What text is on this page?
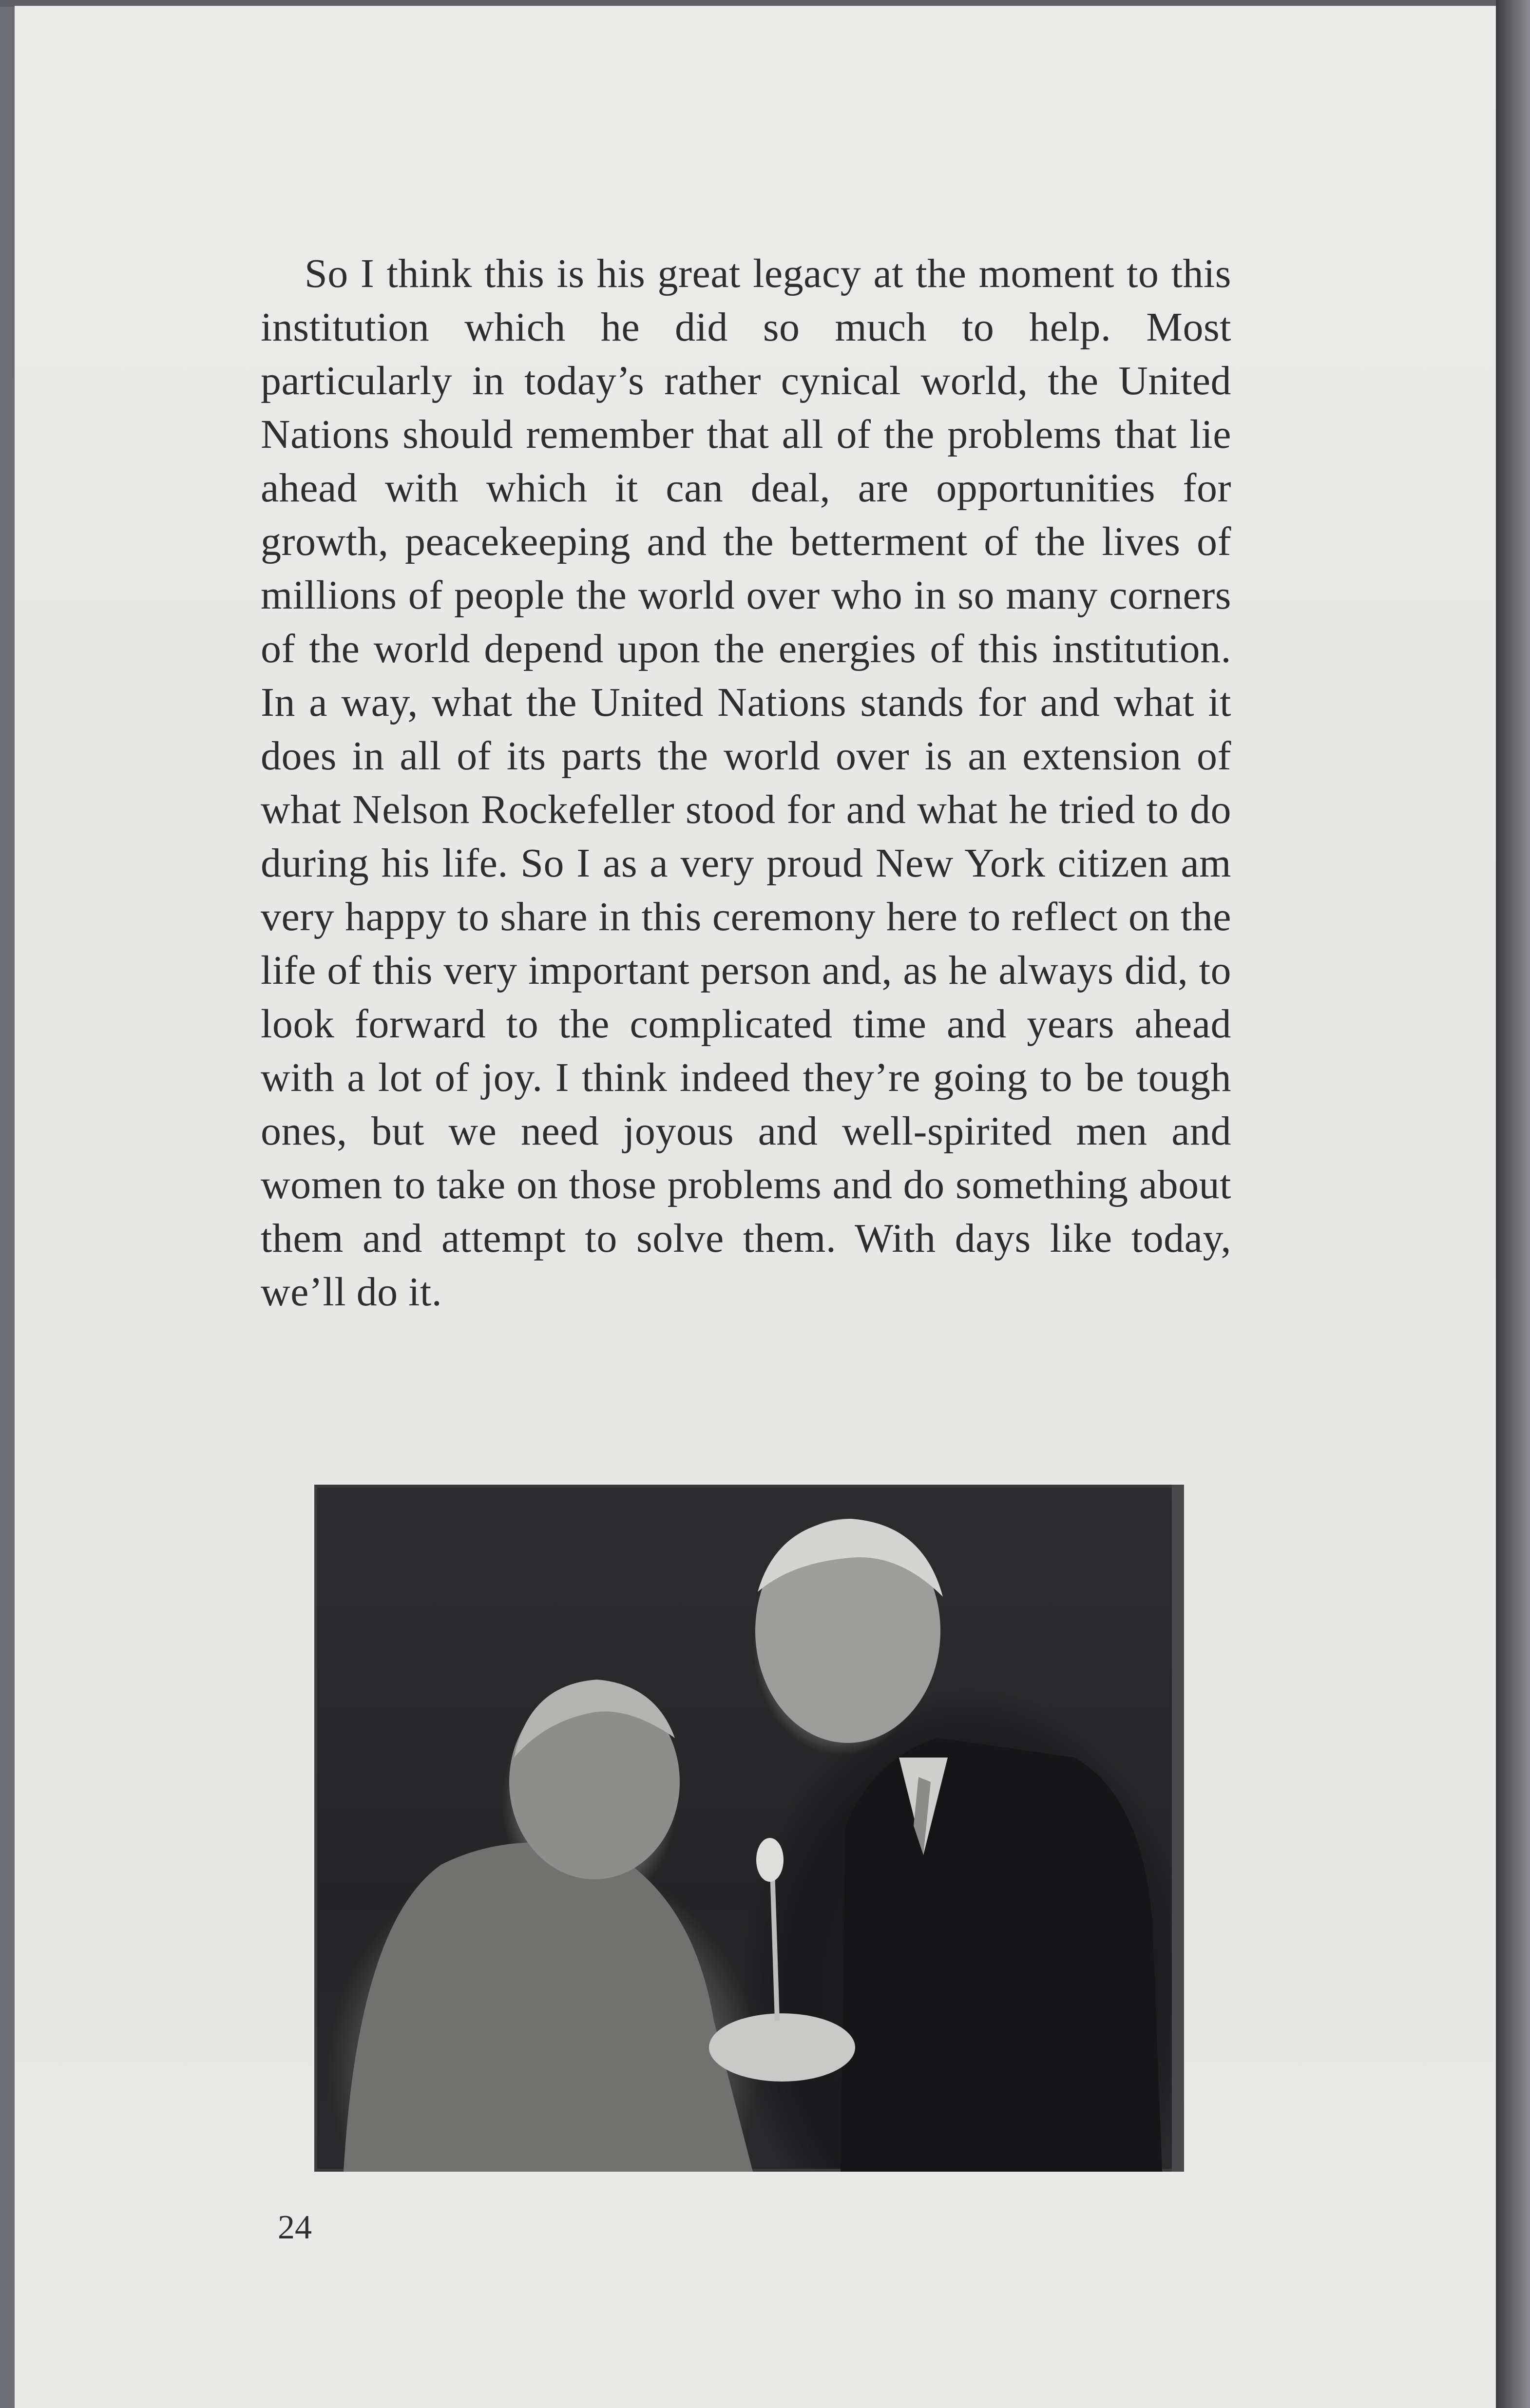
So I think this is his great legacy at the moment to this institution which he did so much to help. Most particularly in today’s rather cynical world, the United Nations should remember that all of the problems that lie ahead with which it can deal, are opportunities for growth, peacekeeping and the betterment of the lives of millions of people the world over who in so many corners of the world depend upon the energies of this institution. In a way, what the United Nations stands for and what it does in all of its parts the world over is an extension of what Nelson Rockefeller stood for and what he tried to do during his life. So I as a very proud New York citizen am very happy to share in this ceremony here to reflect on the life of this very important person and, as he always did, to look forward to the complicated time and years ahead with a lot of joy. I think indeed they’re going to be tough ones, but we need joyous and well-spirited men and women to take on those problems and do something about them and attempt to solve them. With days like today, we’ll do it.

24
